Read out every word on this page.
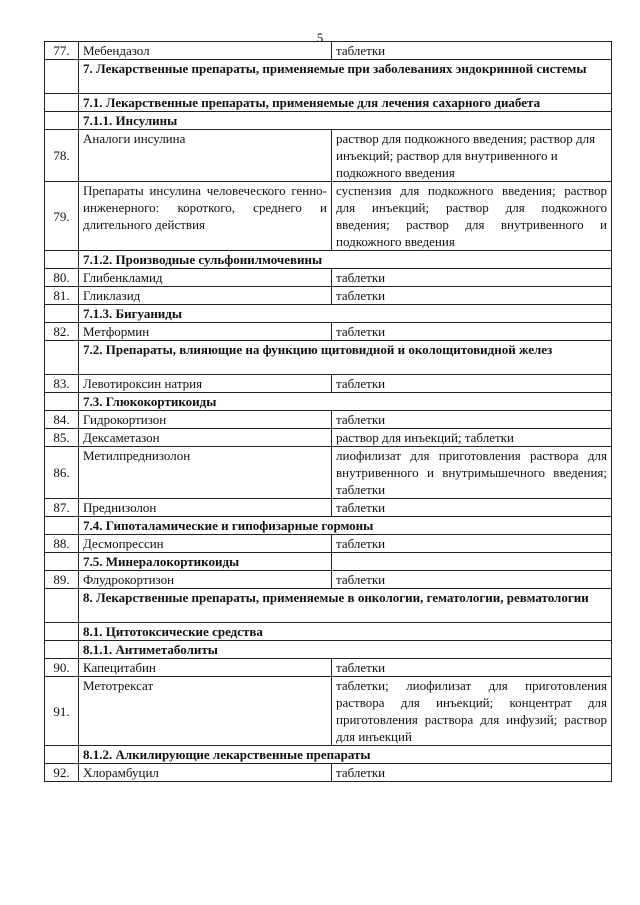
5
77.	Мебендазол	таблетки
	7. Лекарственные препараты, применяемые при заболеваниях эндокринной системы	
	7.1. Лекарственные препараты, применяемые для лечения сахарного диабета	
	7.1.1. Инсулины	
78.	Аналоги инсулина	раствор для подкожного введения; раствор для инъекций; раствор для внутривенного и подкожного введения
79.	Препараты инсулина человеческого генно-инженерного: короткого, среднего и длительного действия	суспензия для подкожного введения; раствор для инъекций; раствор для подкожного введения; раствор для внутривенного и подкожного введения
	7.1.2. Производные сульфонилмочевины	
80.	Глибенкламид	таблетки
81.	Гликлазид	таблетки
	7.1.3. Бигуаниды	
82.	Метформин	таблетки
	7.2. Препараты, влияющие на функцию щитовидной и околощитовидной желез	
83.	Левотироксин натрия	таблетки
	7.3. Глюкокортикоиды	
84.	Гидрокортизон	таблетки
85.	Дексаметазон	раствор для инъекций; таблетки
86.	Метилпреднизолон	лиофилизат для приготовления раствора для внутривенного и внутримышечного введения; таблетки
87.	Преднизолон	таблетки
	7.4. Гипоталамические и гипофизарные гормоны	
88.	Десмопрессин	таблетки
	7.5. Минералокортикоиды	
89.	Флудрокортизон	таблетки
	8. Лекарственные препараты, применяемые в онкологии, гематологии, ревматологии	
	8.1. Цитотоксические средства	
	8.1.1. Антиметаболиты	
90.	Капецитабин	таблетки
91.	Метотрексат	таблетки; лиофилизат для приготовления раствора для инъекций; концентрат для приготовления раствора для инфузий; раствор для инъекций
	8.1.2. Алкилирующие лекарственные препараты	
92.	Хлорамбуцил	таблетки
